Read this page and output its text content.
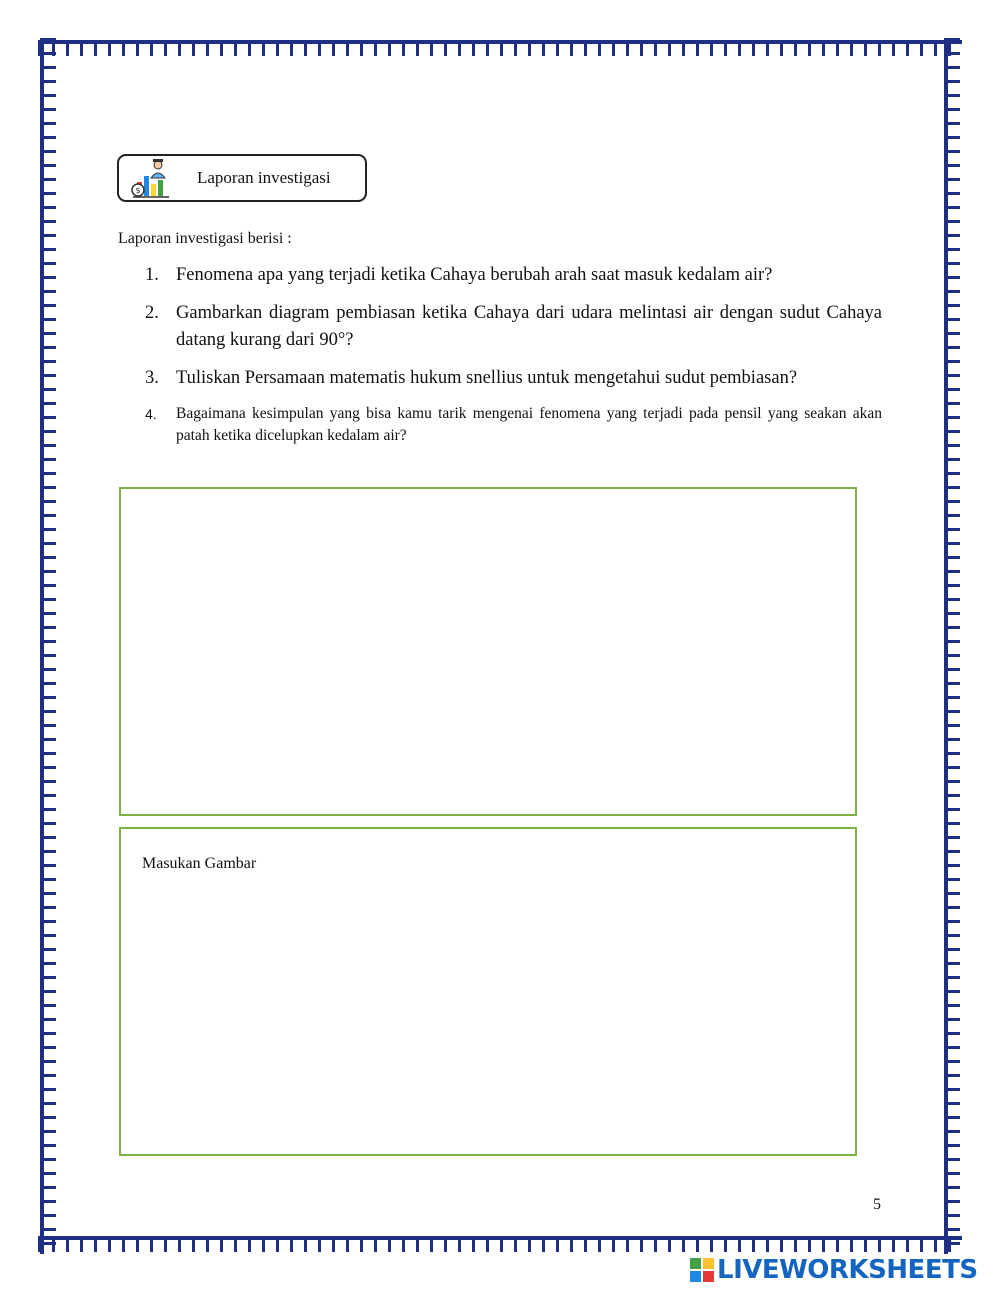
$
Laporan investigasi
Laporan investigasi berisi :
1. Fenomena apa yang terjadi ketika Cahaya berubah arah saat masuk kedalam air?
2. Gambarkan diagram pembiasan ketika Cahaya dari udara melintasi air dengan sudut Cahaya datang kurang dari 90°?
3. Tuliskan Persamaan matematis hukum snellius untuk mengetahui sudut pembiasan?
4.	Bagaimana kesimpulan yang bisa kamu tarik mengenai fenomena yang terjadi pada pensil yang seakan akan patah ketika dicelupkan kedalam air?
Masukan Gambar
5
LIVEWORKSHEETS
